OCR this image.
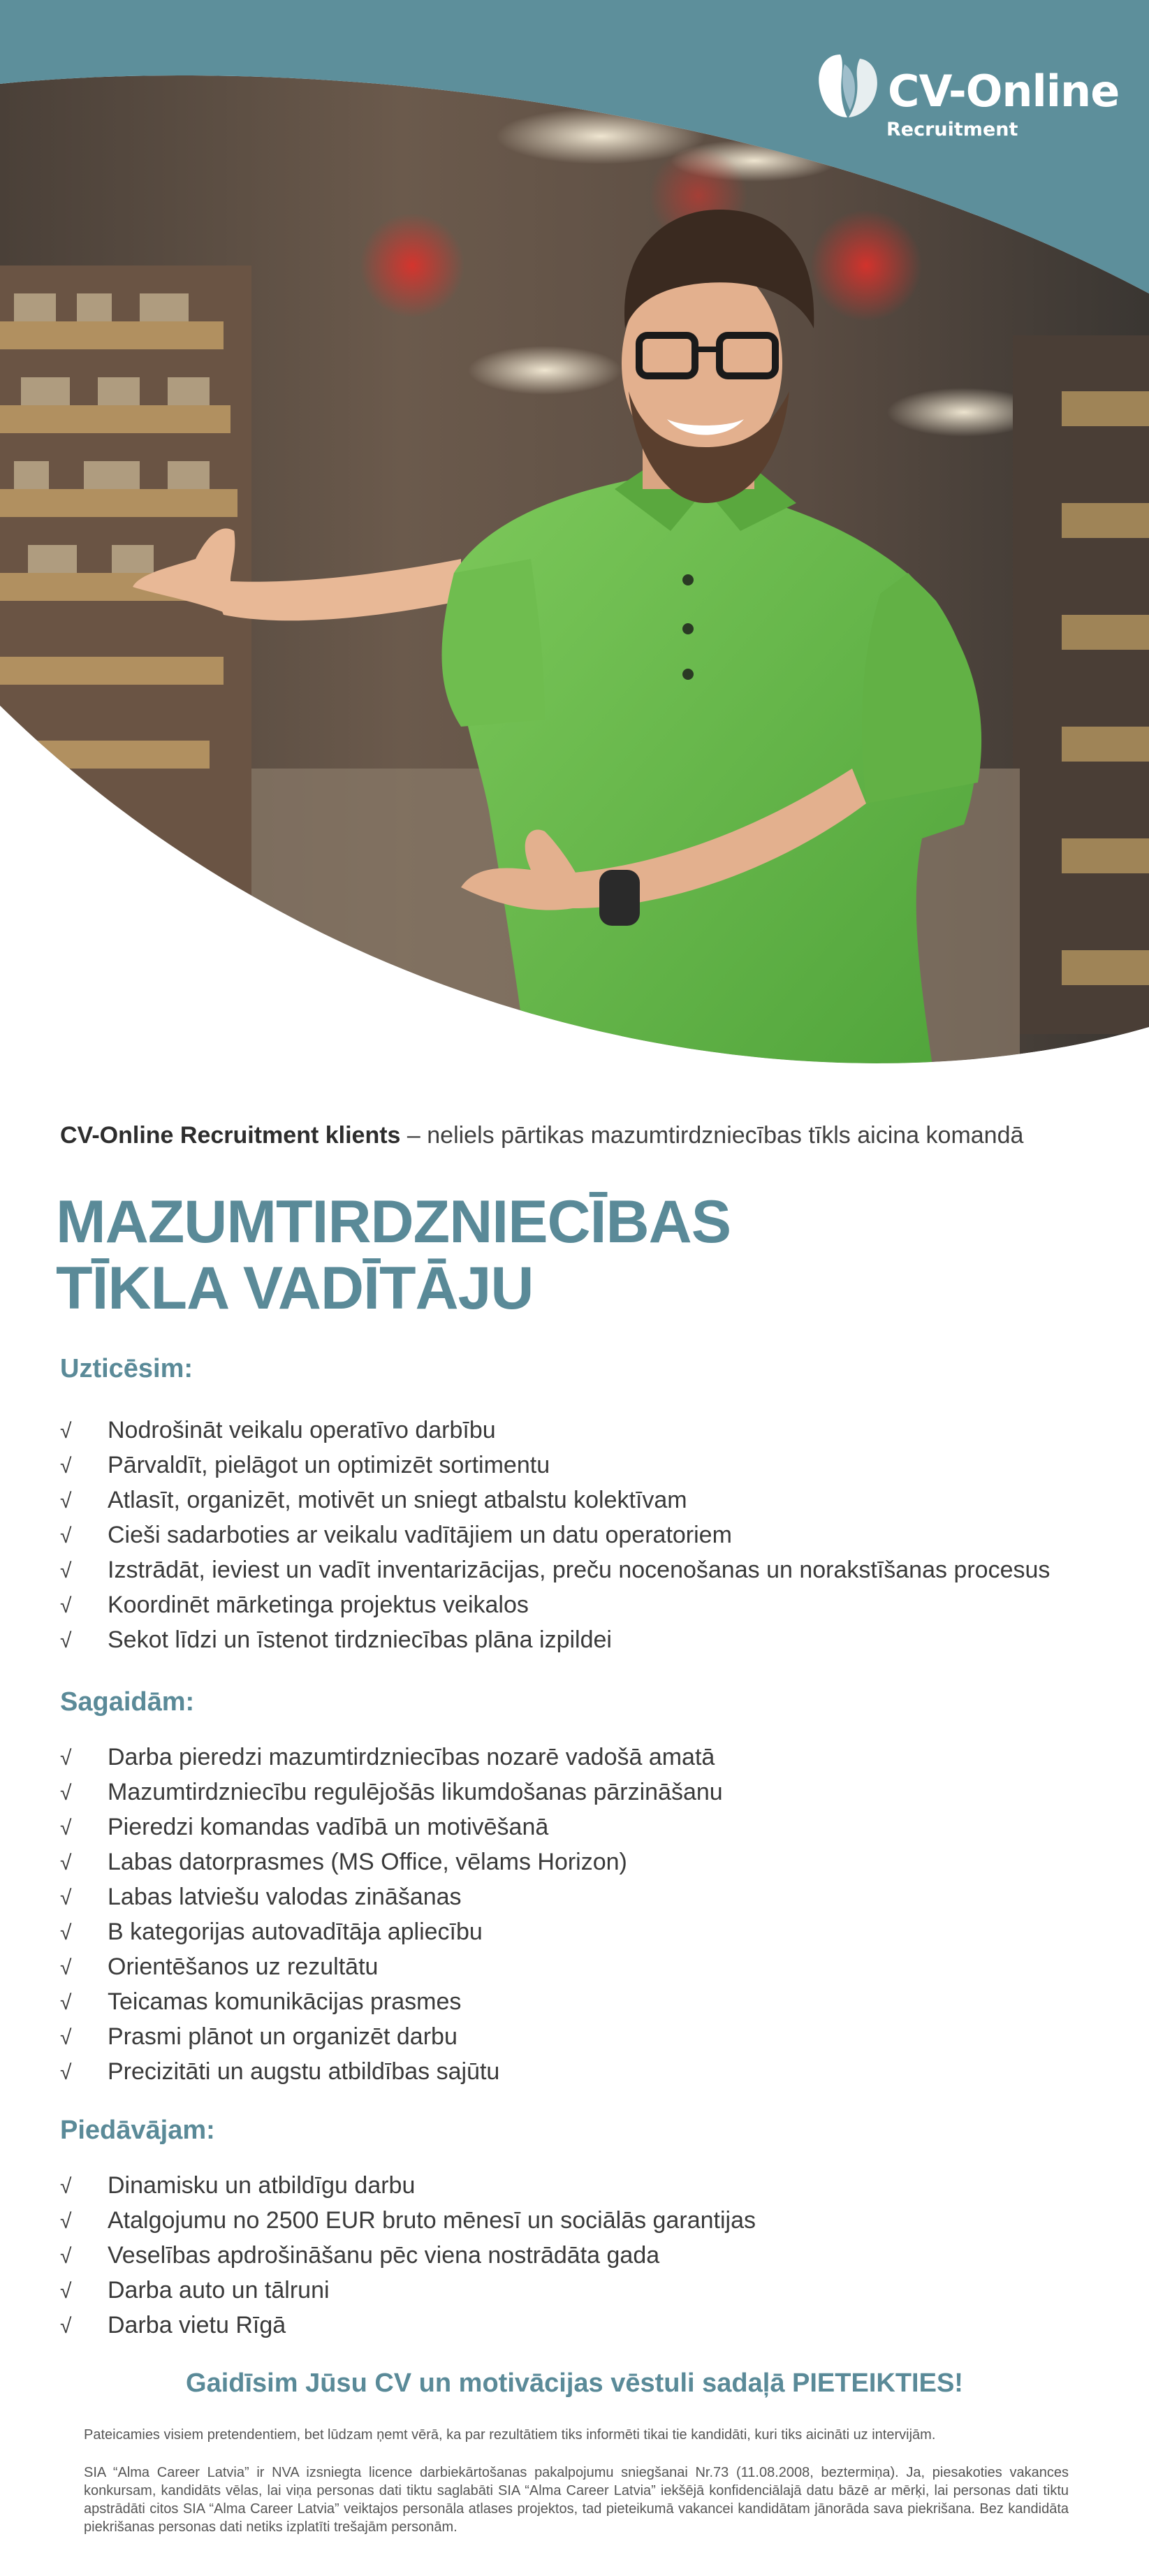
CV-Online
Recruitment
CV-Online Recruitment klients – neliels pārtikas mazumtirdzniecības tīkls aicina komandā
MAZUMTIRDZNIECĪBAS
TĪKLA VADĪTĀJU
Uzticēsim:
√ Nodrošināt veikalu operatīvo darbību
√ Pārvaldīt, pielāgot un optimizēt sortimentu
√ Atlasīt, organizēt, motivēt un sniegt atbalstu kolektīvam
√ Cieši sadarboties ar veikalu vadītājiem un datu operatoriem
√ Izstrādāt, ieviest un vadīt inventarizācijas, preču nocenošanas un norakstīšanas procesus
√ Koordinēt mārketinga projektus veikalos
√ Sekot līdzi un īstenot tirdzniecības plāna izpildei
Sagaidām:
√ Darba pieredzi mazumtirdzniecības nozarē vadošā amatā
√ Mazumtirdzniecību regulējošās likumdošanas pārzināšanu
√ Pieredzi komandas vadībā un motivēšanā
√ Labas datorprasmes (MS Office, vēlams Horizon)
√ Labas latviešu valodas zināšanas
√ B kategorijas autovadītāja apliecību
√ Orientēšanos uz rezultātu
√ Teicamas komunikācijas prasmes
√ Prasmi plānot un organizēt darbu
√ Precizitāti un augstu atbildības sajūtu
Piedāvājam:
√ Dinamisku un atbildīgu darbu
√ Atalgojumu no 2500 EUR bruto mēnesī un sociālās garantijas
√ Veselības apdrošināšanu pēc viena nostrādāta gada
√ Darba auto un tālruni
√ Darba vietu Rīgā
Gaidīsim Jūsu CV un motivācijas vēstuli sadaļā PIETEIKTIES!
Pateicamies visiem pretendentiem, bet lūdzam ņemt vērā, ka par rezultātiem tiks informēti tikai tie kandidāti, kuri tiks aicināti uz intervijām.
SIA “Alma Career Latvia” ir NVA izsniegta licence darbiekārtošanas pakalpojumu sniegšanai Nr.73 (11.08.2008, beztermiņa). Ja, piesakoties vakances konkursam, kandidāts vēlas, lai viņa personas dati tiktu saglabāti SIA “Alma Career Latvia” iekšējā konfidenciālajā datu bāzē ar mērķi, lai personas dati tiktu apstrādāti citos SIA “Alma Career Latvia” veiktajos personāla atlases projektos, tad pieteikumā vakancei kandidātam jānorāda sava piekrišana. Bez kandidāta piekrišanas personas dati netiks izplatīti trešajām personām.
